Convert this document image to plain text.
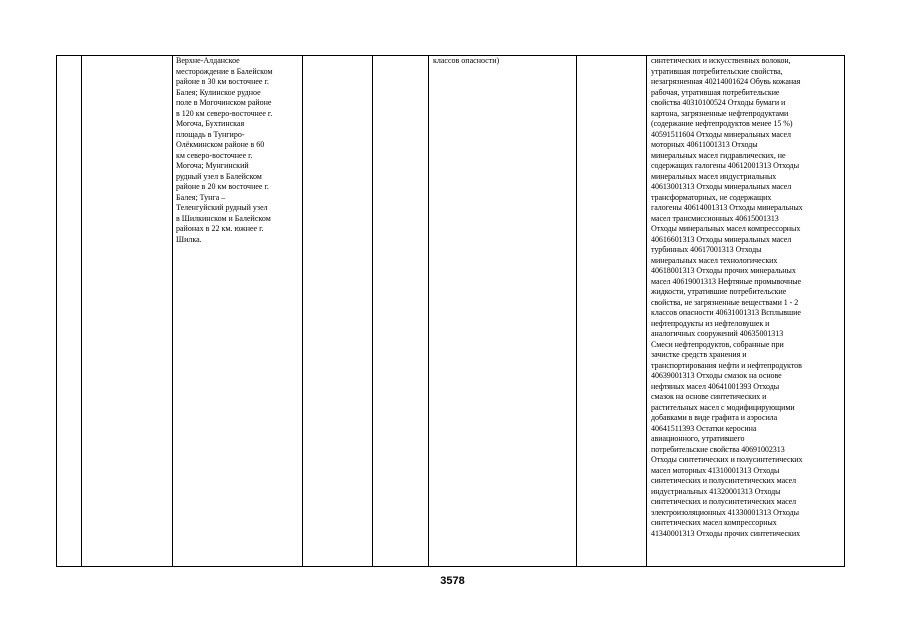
Верхне-Алданское
месторождение в Балейском
районе в 30 км восточнее г.
Балея; Кулинское рудное
поле в Могочинском районе
в 120 км северо-восточнее г.
Могоча, Бухтинская
площадь в Тунгиро-
Олёкминском районе в 60
км северо-восточнее г.
Могоча; Мунгинский
рудный узел в Балейском
районе в 20 км восточнее г.
Балея; Тунга –
Теленгуйский рудный узел
в Шилкинском и Балейском
районах в 22 км. южнее г.
Шилка.
классов опасности)	синтетических и искусственных волокон,
утратившая потребительские свойства,
незагрязненная 40214001624 Обувь кожаная
рабочая, утратившая потребительские
свойства 40310100524 Отходы бумаги и
картона, загрязненные нефтепродуктами
(содержание нефтепродуктов менее 15 %)
40591511604 Отходы минеральных масел
моторных 40611001313 Отходы
минеральных масел гидравлических, не
содержащих галогены 40612001313 Отходы
минеральных масел индустриальных
40613001313 Отходы минеральных масел
трансформаторных, не содержащих
галогены 40614001313 Отходы минеральных
масел трансмиссионных 40615001313
Отходы минеральных масел компрессорных
40616601313 Отходы минеральных масел
турбинных 40617001313 Отходы
минеральных масел технологических
40618001313 Отходы прочих минеральных
масел 40619001313 Нефтяные промывочные
жидкости, утратившие потребительские
свойства, не загрязненные веществами 1 - 2
классов опасности 40631001313 Всплывшие
нефтепродукты из нефтеловушек и
аналогичных сооружений 40635001313
Смеси нефтепродуктов, собранные при
зачистке средств хранения и
транспортирования нефти и нефтепродуктов
40639001313 Отходы смазок на основе
нефтяных масел 40641001393 Отходы
смазок на основе синтетических и
растительных масел с модифицирующими
добавками в виде графита и аэросила
40641511393 Остатки керосина
авиационного, утратившего
потребительские свойства 40691002313
Отходы синтетических и полусинтетических
масел моторных 41310001313 Отходы
синтетических и полусинтетических масел
индустриальных 41320001313 Отходы
синтетических и полусинтетических масел
электроизоляционных 41330001313 Отходы
синтетических масел компрессорных
41340001313 Отходы прочих синтетических
3578
